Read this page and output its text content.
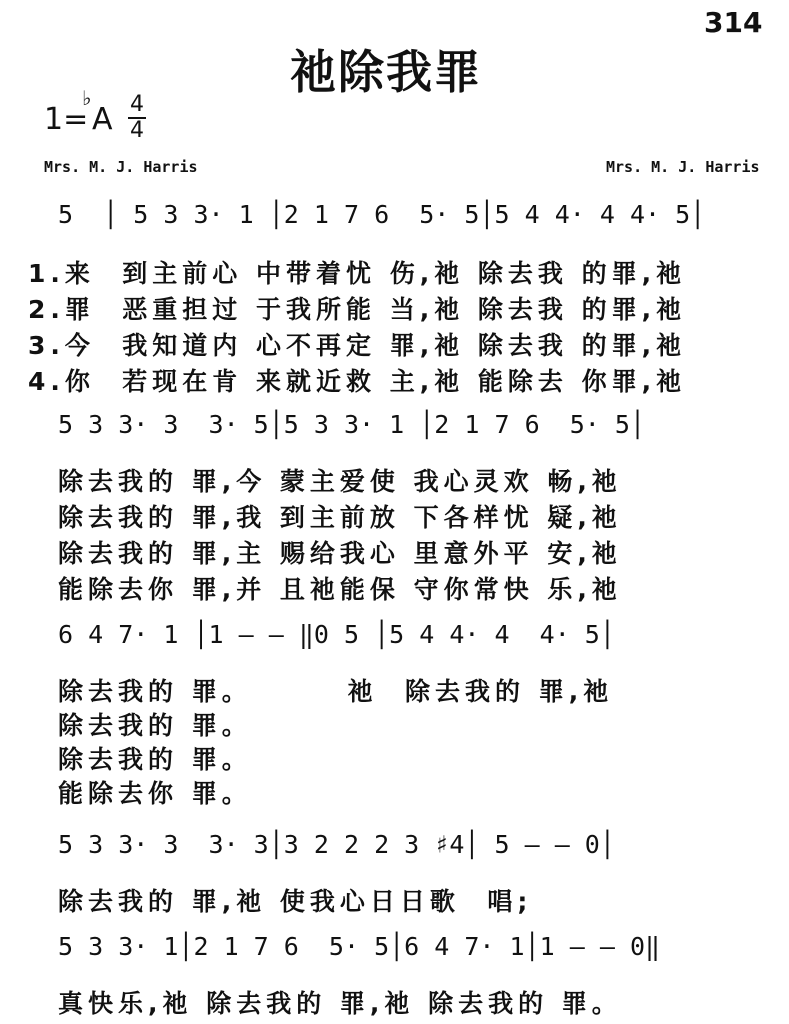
314
祂除我罪
1=
♭
A 4
4
Mrs. M. J. Harris	Mrs. M. J. Harris
5  │ 5 3 3· 1 │2 1 7 6  5· 5│5 4 4· 4 4· 5│
1.来  到主前心 中带着忧 伤,祂 除去我 的罪,祂
2.罪  恶重担过 于我所能 当,祂 除去我 的罪,祂
3.今  我知道内 心不再定 罪,祂 除去我 的罪,祂
4.你  若现在肯 来就近救 主,祂 能除去 你罪,祂
5 3 3· 3  3· 5│5 3 3· 1 │2 1 7 6  5· 5│
除去我的 罪,今 蒙主爱使 我心灵欢 畅,祂
除去我的 罪,我 到主前放 下各样忧 疑,祂
除去我的 罪,主 赐给我心 里意外平 安,祂
能除去你 罪,并 且祂能保 守你常快 乐,祂
6 4 7· 1 │1 — — ‖0 5 │5 4 4· 4  4· 5│
除去我的 罪。       祂  除去我的 罪,祂
除去我的 罪。
除去我的 罪。
能除去你 罪。
5 3 3· 3  3· 3│3 2 2 2 3 ♯4│ 5 — — 0│
除去我的 罪,祂 使我心日日歌  唱;
5 3 3· 1│2 1 7 6  5· 5│6 4 7· 1│1 — — 0‖
真快乐,祂 除去我的 罪,祂 除去我的 罪。
